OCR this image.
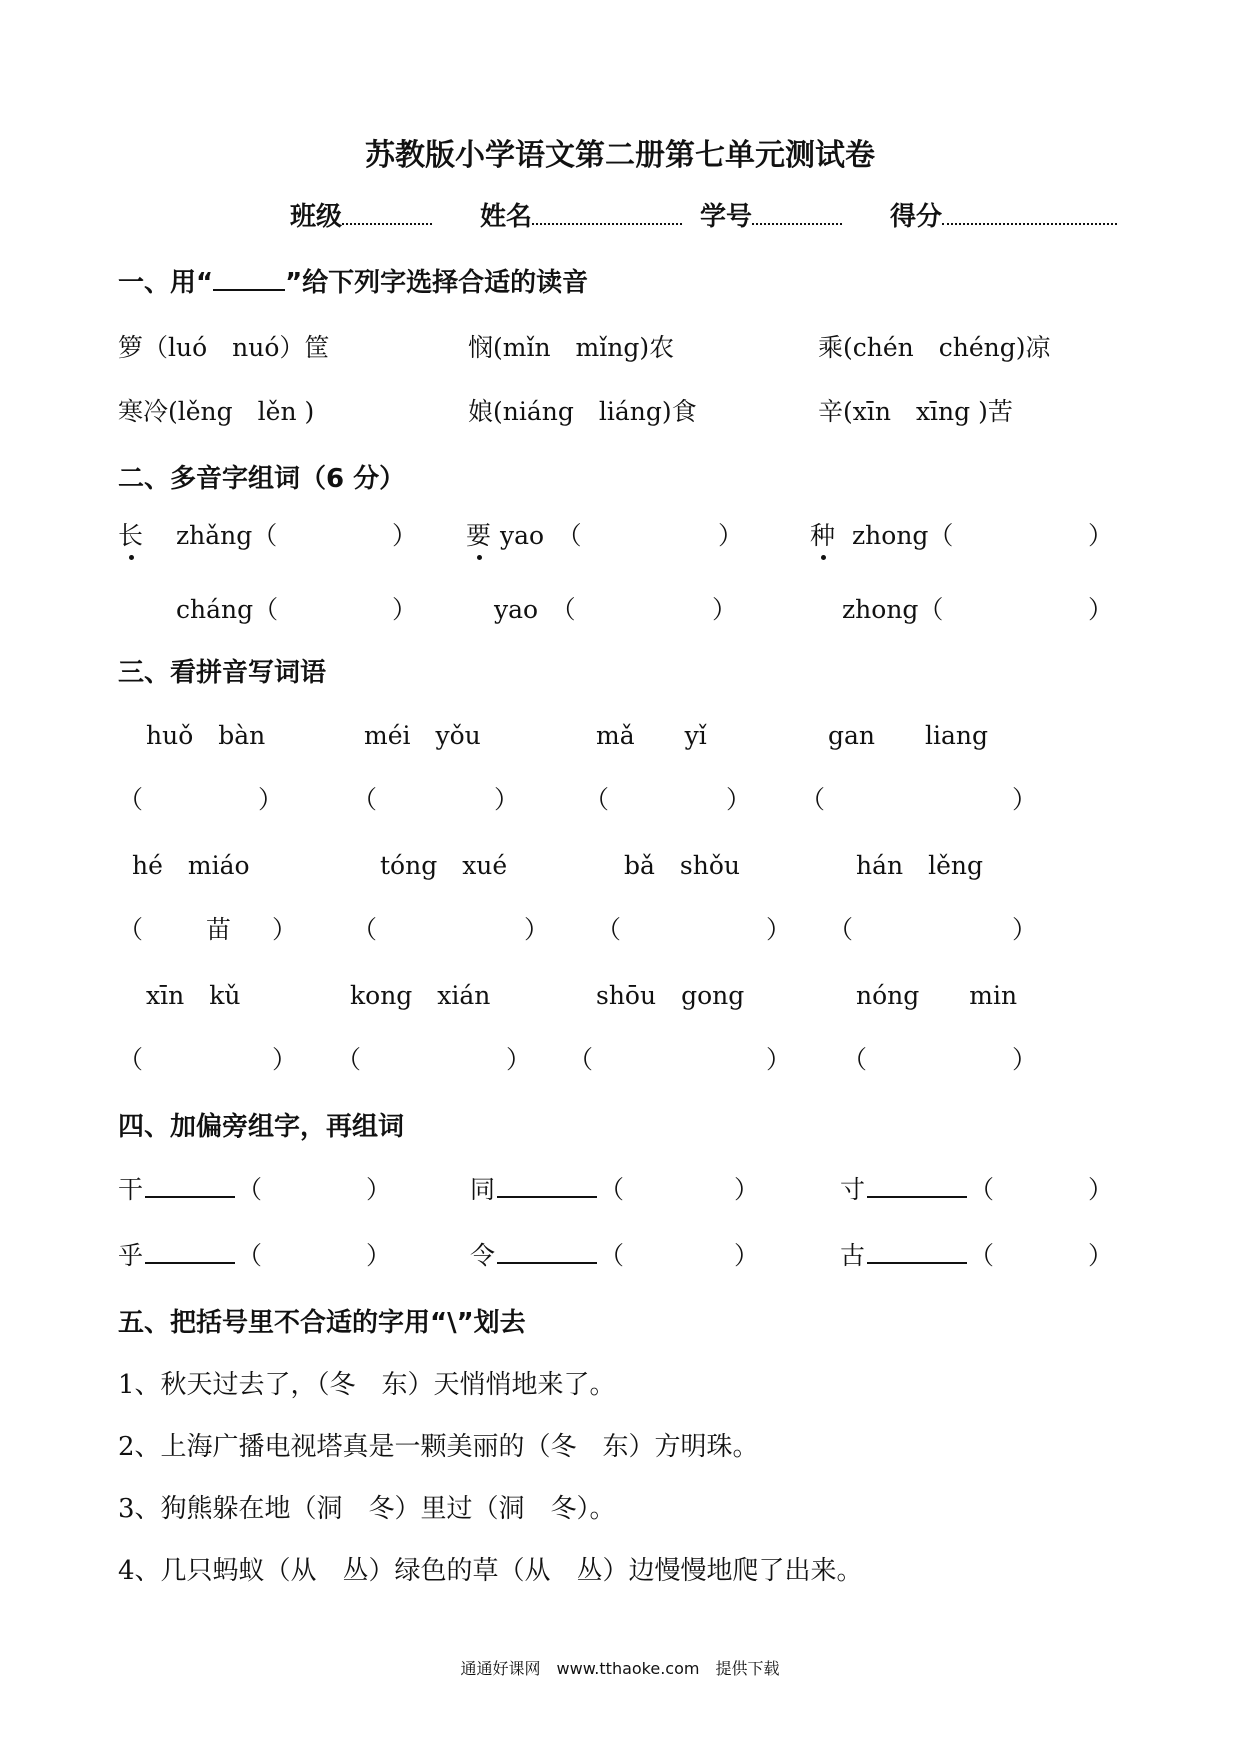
苏教版小学语文第二册第七单元测试卷
班级	姓名	学号	得分
一、用“	”给下列字选择合适的读音
箩（luó　nuó）筐	悯(mǐn　mǐng)农	乘(chén　chéng)凉
寒冷(lěng　lěn )	娘(niáng　liáng)食	辛(xīn　xīng )苦
二、多音字组词（6 分）
长 zhǎng（	） 要 yao　（	）	种 zhong（	）
cháng（	）	yao　（	）	zhong（	）
三、看拼音写词语
huǒ　bàn	méi　yǒu	mǎ　　yǐ	gan　　liang
（	）	（	）	（	） （	）
hé　miáo	tóng　xué	bǎ　shǒu	hán　lěng
（	苗 ） （	） （	） （	）
xīn　kǔ	kong　xián	shōu　gong	nóng　　min
（	） （	） （	） （	）
四、加偏旁组字，再组词
干	（	）	同	（	）	寸	（	）
乎	（	）	令	（	）	古	（	）
五、把括号里不合适的字用“\”划去
1、秋天过去了，（冬　东）天悄悄地来了。
2、上海广播电视塔真是一颗美丽的（冬　东）方明珠。
3、狗熊躲在地（洞　冬）里过（洞　冬）。
4、几只蚂蚁（从　丛）绿色的草（从　丛）边慢慢地爬了出来。
通通好课网　www.tthaoke.com　提供下载
